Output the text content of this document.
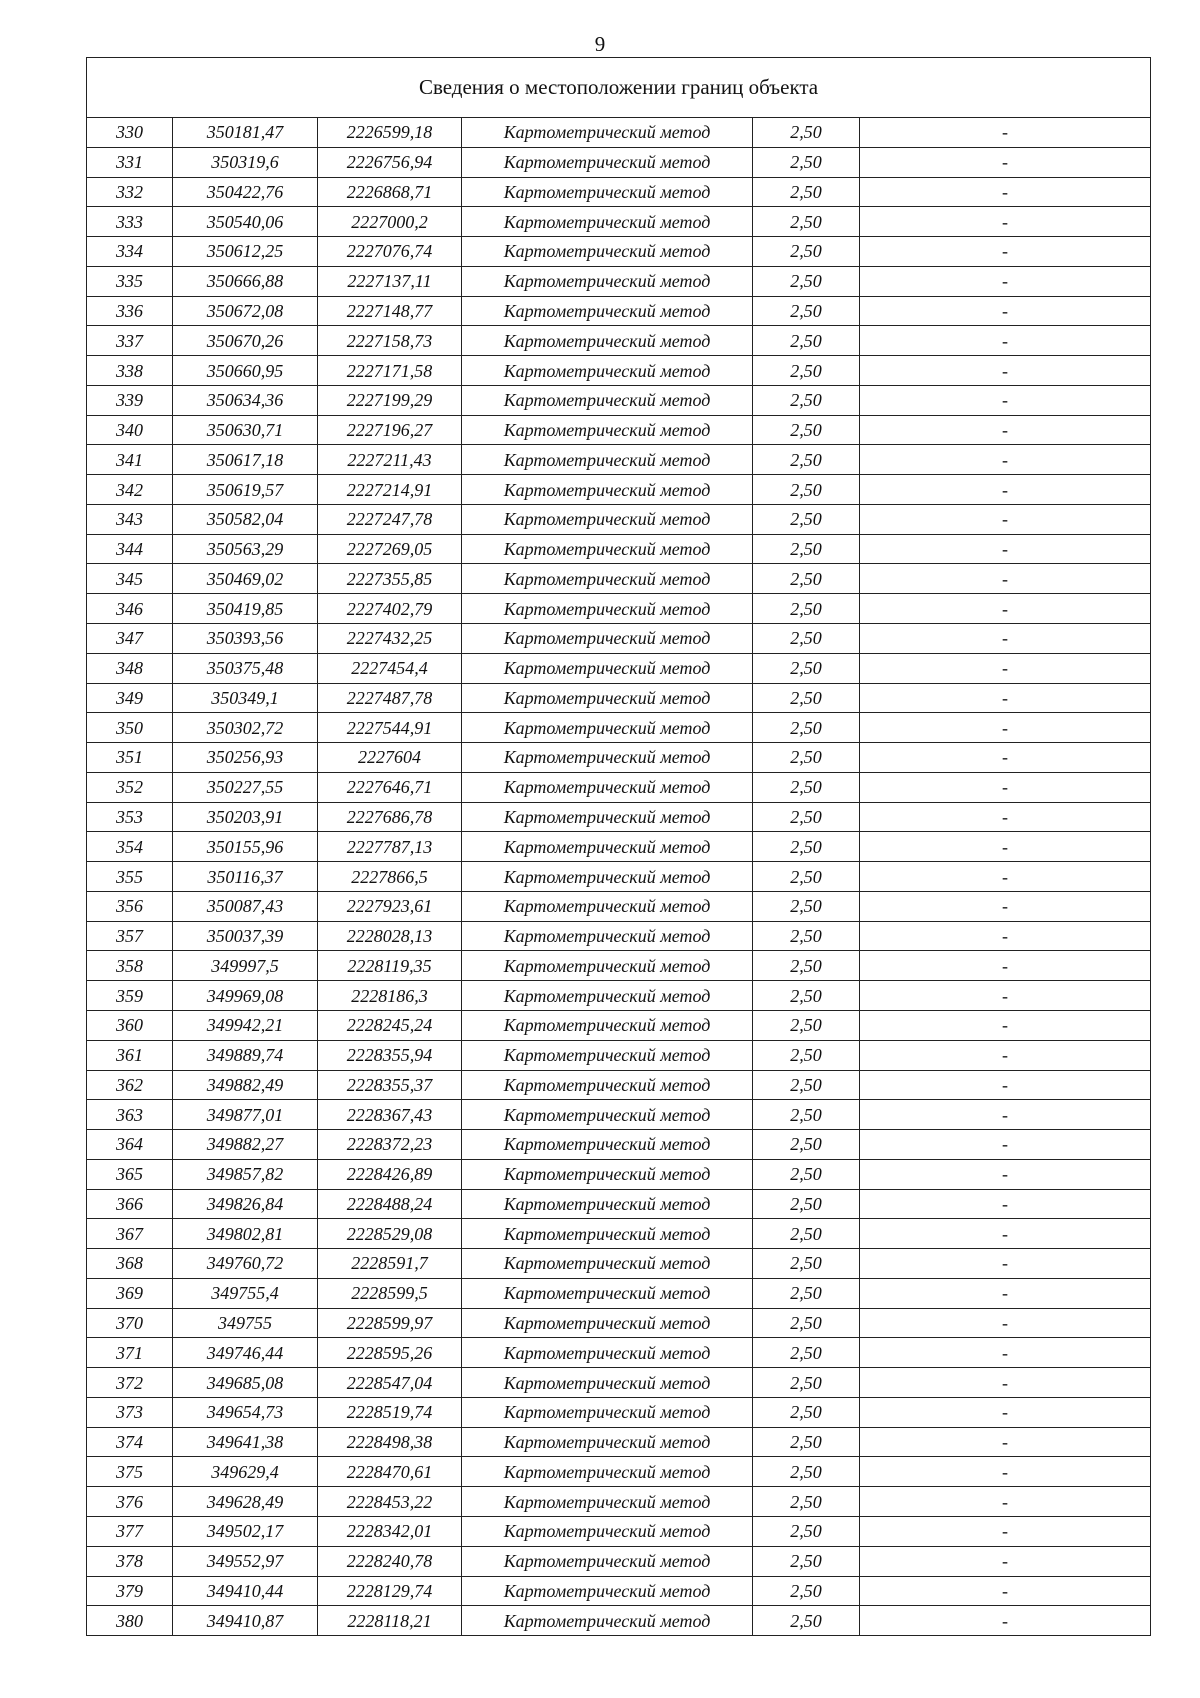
9
Сведения о местоположении границ объекта					
330	350181,47	2226599,18	Картометрический метод	2,50	-
331	350319,6	2226756,94	Картометрический метод	2,50	-
332	350422,76	2226868,71	Картометрический метод	2,50	-
333	350540,06	2227000,2	Картометрический метод	2,50	-
334	350612,25	2227076,74	Картометрический метод	2,50	-
335	350666,88	2227137,11	Картометрический метод	2,50	-
336	350672,08	2227148,77	Картометрический метод	2,50	-
337	350670,26	2227158,73	Картометрический метод	2,50	-
338	350660,95	2227171,58	Картометрический метод	2,50	-
339	350634,36	2227199,29	Картометрический метод	2,50	-
340	350630,71	2227196,27	Картометрический метод	2,50	-
341	350617,18	2227211,43	Картометрический метод	2,50	-
342	350619,57	2227214,91	Картометрический метод	2,50	-
343	350582,04	2227247,78	Картометрический метод	2,50	-
344	350563,29	2227269,05	Картометрический метод	2,50	-
345	350469,02	2227355,85	Картометрический метод	2,50	-
346	350419,85	2227402,79	Картометрический метод	2,50	-
347	350393,56	2227432,25	Картометрический метод	2,50	-
348	350375,48	2227454,4	Картометрический метод	2,50	-
349	350349,1	2227487,78	Картометрический метод	2,50	-
350	350302,72	2227544,91	Картометрический метод	2,50	-
351	350256,93	2227604	Картометрический метод	2,50	-
352	350227,55	2227646,71	Картометрический метод	2,50	-
353	350203,91	2227686,78	Картометрический метод	2,50	-
354	350155,96	2227787,13	Картометрический метод	2,50	-
355	350116,37	2227866,5	Картометрический метод	2,50	-
356	350087,43	2227923,61	Картометрический метод	2,50	-
357	350037,39	2228028,13	Картометрический метод	2,50	-
358	349997,5	2228119,35	Картометрический метод	2,50	-
359	349969,08	2228186,3	Картометрический метод	2,50	-
360	349942,21	2228245,24	Картометрический метод	2,50	-
361	349889,74	2228355,94	Картометрический метод	2,50	-
362	349882,49	2228355,37	Картометрический метод	2,50	-
363	349877,01	2228367,43	Картометрический метод	2,50	-
364	349882,27	2228372,23	Картометрический метод	2,50	-
365	349857,82	2228426,89	Картометрический метод	2,50	-
366	349826,84	2228488,24	Картометрический метод	2,50	-
367	349802,81	2228529,08	Картометрический метод	2,50	-
368	349760,72	2228591,7	Картометрический метод	2,50	-
369	349755,4	2228599,5	Картометрический метод	2,50	-
370	349755	2228599,97	Картометрический метод	2,50	-
371	349746,44	2228595,26	Картометрический метод	2,50	-
372	349685,08	2228547,04	Картометрический метод	2,50	-
373	349654,73	2228519,74	Картометрический метод	2,50	-
374	349641,38	2228498,38	Картометрический метод	2,50	-
375	349629,4	2228470,61	Картометрический метод	2,50	-
376	349628,49	2228453,22	Картометрический метод	2,50	-
377	349502,17	2228342,01	Картометрический метод	2,50	-
378	349552,97	2228240,78	Картометрический метод	2,50	-
379	349410,44	2228129,74	Картометрический метод	2,50	-
380	349410,87	2228118,21	Картометрический метод	2,50	-
